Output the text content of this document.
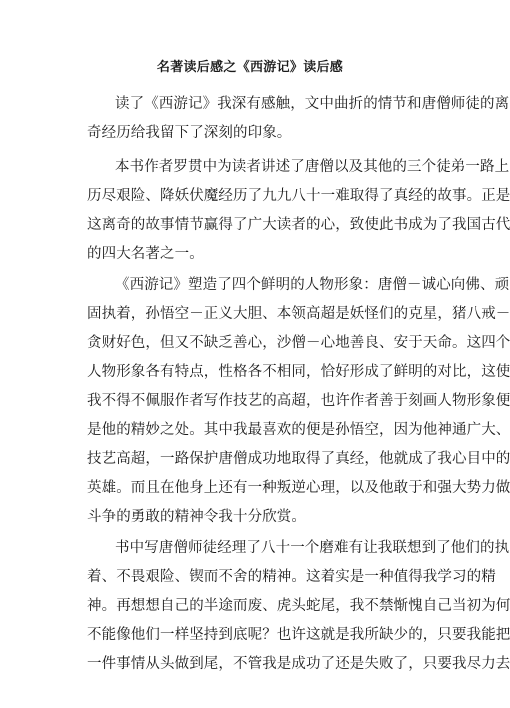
名著读后感之《西游记》读后感
读了《西游记》我深有感触，文中曲折的情节和唐僧师徒的离
奇经历给我留下了深刻的印象。
本书作者罗贯中为读者讲述了唐僧以及其他的三个徒弟一路上
历尽艰险、降妖伏魔经历了九九八十一难取得了真经的故事。正是
这离奇的故事情节赢得了广大读者的心，致使此书成为了我国古代
的四大名著之一。
《西游记》塑造了四个鲜明的人物形象：唐僧－诚心向佛、顽
固执着，孙悟空－正义大胆、本领高超是妖怪们的克星，猪八戒－
贪财好色，但又不缺乏善心，沙僧－心地善良、安于天命。这四个
人物形象各有特点，性格各不相同，恰好形成了鲜明的对比，这使
我不得不佩服作者写作技艺的高超，也许作者善于刻画人物形象便
是他的精妙之处。其中我最喜欢的便是孙悟空，因为他神通广大、
技艺高超，一路保护唐僧成功地取得了真经，他就成了我心目中的
英雄。而且在他身上还有一种叛逆心理，以及他敢于和强大势力做
斗争的勇敢的精神令我十分欣赏。
书中写唐僧师徒经理了八十一个磨难有让我联想到了他们的执
着、不畏艰险、锲而不舍的精神。这着实是一种值得我学习的精
神。再想想自己的半途而废、虎头蛇尾，我不禁惭愧自己当初为何
不能像他们一样坚持到底呢？也许这就是我所缺少的，只要我能把
一件事情从头做到尾，不管我是成功了还是失败了，只要我尽力去
